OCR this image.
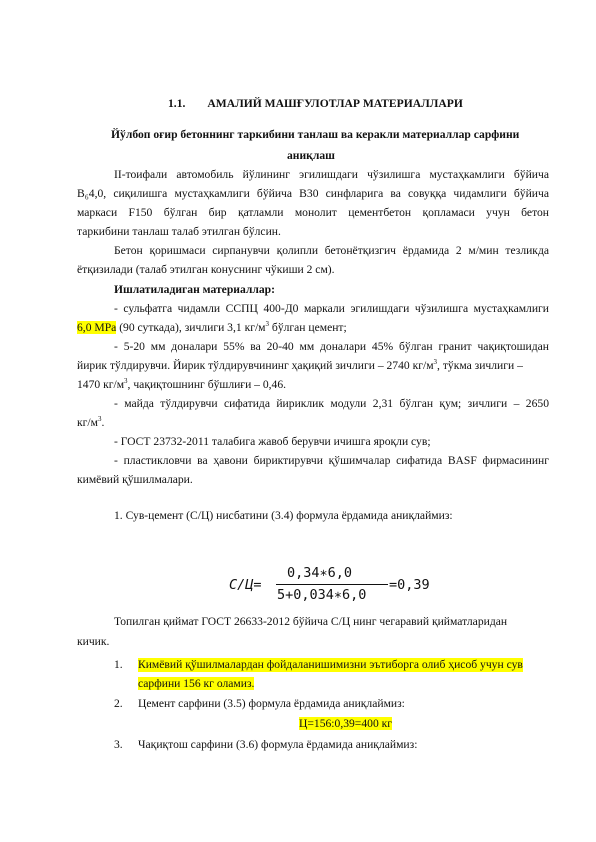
1.1. АМАЛИЙ МАШҒУЛОТЛАР МАТЕРИАЛЛАРИ
Йўлбоп оғир бетоннинг таркибини танлаш ва керакли материаллар сарфини
аниқлаш
II-тоифали автомобиль йўлининг эгилишдаги чўзилишга мустаҳкамлиги бўйича
B₆4,0, сиқилишга мустаҳкамлиги бўйича B30 синфларига ва совуққа чидамлиги бўйича
маркаси F150 бўлган бир қатламли монолит цементбетон қопламаси учун бетон
таркибини танлаш талаб этилган бўлсин.
Бетон қоришмаси сирпанувчи қолипли бетонётқизгич ёрдамида 2 м/мин тезликда
ётқизилади (талаб этилган конуснинг чўкиши 2 см).
Ишлатиладиган материаллар:
- сульфатга чидамли ССПЦ 400-Д0 маркали эгилишдаги чўзилишга мустаҳкамлиги
6,0 МРа (90 суткада), зичлиги 3,1 $кг/м^3$ бўлган цемент;
- 5-20 мм доналари 55% ва 20-40 мм доналари 45% бўлган гранит чақиқтошидан
йирик тўлдирувчи. Йирик тўлдирувчининг ҳақиқий зичлиги – 2740 $кг/м^3$, тўкма зичлиги –
1470 $кг/м^3$, чақиқтошнинг бўшлиғи – 0,46.
- майда тўлдирувчи сифатида йириклик модули 2,31 бўлган қум; зичлиги – 2650
$кг/м^3$.
- ГОСТ 23732-2011 талабига жавоб берувчи ичишга яроқли сув;
- пластикловчи ва ҳавони бириктирувчи қўшимчалар сифатида BASF фирмасининг
кимёвий қўшилмалари.
1. Сув-цемент (С/Ц) нисбатини (3.4) формула ёрдамида аниқлаймиз:
С/Ц=
0,34∗6,0
5+0,034∗6,0
=0,39
Топилган қиймат ГОСТ 26633-2012 бўйича С/Ц нинг чегаравий қийматларидан
кичик.
1. Кимёвий қўшилмалардан фойдаланишимизни эътиборга олиб ҳисоб учун сув
сарфини 156 кг оламиз.
2. Цемент сарфини (3.5) формула ёрдамида аниқлаймиз:
Ц=156:0,39=400 кг
3. Чақиқтош сарфини (3.6) формула ёрдамида аниқлаймиз:
